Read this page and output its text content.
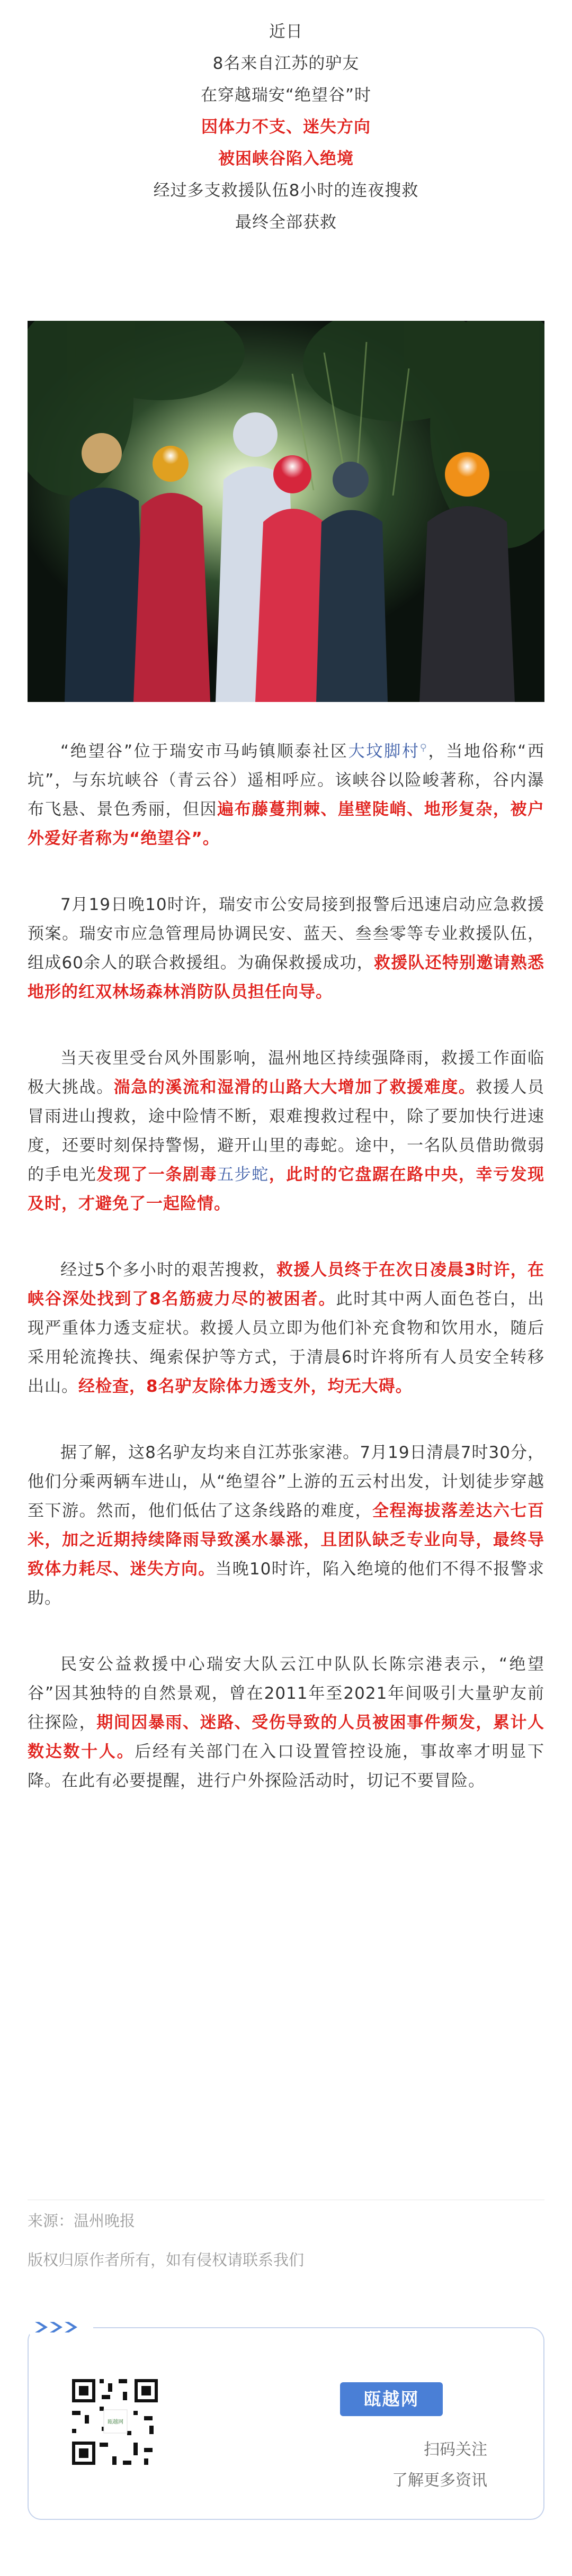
近日
8名来自江苏的驴友
在穿越瑞安“绝望谷”时
因体力不支、迷失方向
被困峡谷陷入绝境
经过多支救援队伍8小时的连夜搜救
最终全部获救

“绝望谷”位于瑞安市马屿镇顺泰社区大坟脚村⚲，当地俗称“西坑”，与东坑峡谷（青云谷）遥相呼应。该峡谷以险峻著称，谷内瀑布飞悬、景色秀丽，但因遍布藤蔓荆棘、崖壁陡峭、地形复杂，被户外爱好者称为“绝望谷”。

7月19日晚10时许，瑞安市公安局接到报警后迅速启动应急救援预案。瑞安市应急管理局协调民安、蓝天、叁叁零等专业救援队伍，组成60余人的联合救援组。为确保救援成功，救援队还特别邀请熟悉地形的红双林场森林消防队员担任向导。

当天夜里受台风外围影响，温州地区持续强降雨，救援工作面临极大挑战。湍急的溪流和湿滑的山路大大增加了救援难度。救援人员冒雨进山搜救，途中险情不断，艰难搜救过程中，除了要加快行进速度，还要时刻保持警惕，避开山里的毒蛇。途中，一名队员借助微弱的手电光发现了一条剧毒五步蛇，此时的它盘踞在路中央，幸亏发现及时，才避免了一起险情。

经过5个多小时的艰苦搜救，救援人员终于在次日凌晨3时许，在峡谷深处找到了8名筋疲力尽的被困者。此时其中两人面色苍白，出现严重体力透支症状。救援人员立即为他们补充食物和饮用水，随后采用轮流搀扶、绳索保护等方式，于清晨6时许将所有人员安全转移出山。经检查，8名驴友除体力透支外，均无大碍。

据了解，这8名驴友均来自江苏张家港。7月19日清晨7时30分，他们分乘两辆车进山，从“绝望谷”上游的五云村出发，计划徒步穿越至下游。然而，他们低估了这条线路的难度，全程海拔落差达六七百米，加之近期持续降雨导致溪水暴涨，且团队缺乏专业向导，最终导致体力耗尽、迷失方向。当晚10时许，陷入绝境的他们不得不报警求助。

民安公益救援中心瑞安大队云江中队队长陈宗港表示，“绝望谷”因其独特的自然景观，曾在2011年至2021年间吸引大量驴友前往探险，期间因暴雨、迷路、受伤导致的人员被困事件频发，累计人数达数十人。后经有关部门在入口设置管控设施，事故率才明显下降。在此有必要提醒，进行户外探险活动时，切记不要冒险。

来源：温州晚报
版权归原作者所有，如有侵权请联系我们
瓯越网
瓯越网
扫码关注
了解更多资讯
